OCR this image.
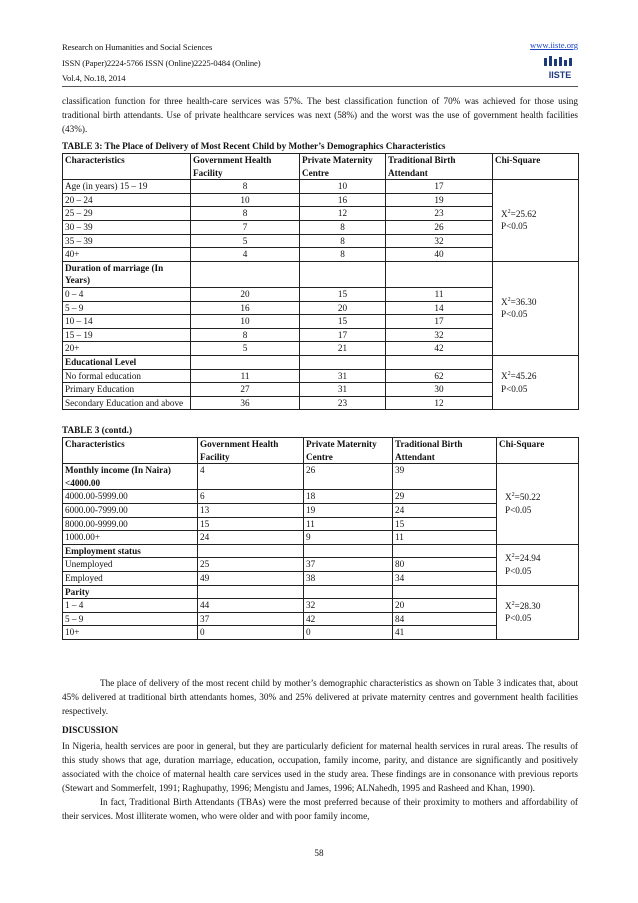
Research on Humanities and Social Sciences
ISSN (Paper)2224-5766 ISSN (Online)2225-0484 (Online)
Vol.4, No.18, 2014
www.iiste.org
IISTE

classification function for three health-care services was 57%. The best classification function of 70% was achieved for those using traditional birth attendants. Use of private healthcare services was next (58%) and the worst was the use of government health facilities (43%).

TABLE 3: The Place of Delivery of Most Recent Child by Mother’s Demographics Characteristics
Characteristics	Government Health Facility	Private Maternity Centre	Traditional Birth Attendant	Chi-Square
Age (in years) 15 – 19	8	10	17	$X^2=25.62$
P<0.05
20 – 24	10	16	19	
25 – 29	8	12	23	
30 – 39	7	8	26	
35 – 39	5	8	32	
40+	4	8	40	
Duration of marriage (In Years)				$X^2=36.30$
P<0.05
0 – 4	20	15	11	
5 – 9	16	20	14	
10 – 14	10	15	17	
15 – 19	8	17	32	
20+	5	21	42	
Educational Level				$X^2=45.26$
P<0.05
No formal education	11	31	62	
Primary Education	27	31	30	
Secondary Education and above	36	23	12	
TABLE 3 (contd.)
Characteristics	Government Health Facility	Private Maternity Centre	Traditional Birth Attendant	Chi-Square
Monthly income (In Naira) <4000.00	4	26	39	$X^2=50.22$
P<0.05
4000.00-5999.00	6	18	29	
6000.00-7999.00	13	19	24	
8000.00-9999.00	15	11	15	
1000.00+	24	9	11	
Employment status				$X^2=24.94$
P<0.05
Unemployed	25	37	80	
Employed	49	38	34	
Parity				$X^2=28.30$
P<0.05
1 – 4	44	32	20	
5 – 9	37	42	84	
10+	0	0	41	

The place of delivery of the most recent child by mother’s demographic characteristics as shown on Table 3 indicates that, about 45% delivered at traditional birth attendants homes, 30% and 25% delivered at private maternity centres and government health facilities respectively.

DISCUSSION

In Nigeria, health services are poor in general, but they are particularly deficient for maternal health services in rural areas. The results of this study shows that age, duration marriage, education, occupation, family income, parity, and distance are significantly and positively associated with the choice of maternal health care services used in the study area. These findings are in consonance with previous reports (Stewart and Sommerfelt, 1991; Raghupathy, 1996; Mengistu and James, 1996; ALNahedh, 1995 and Rasheed and Khan, 1990).

In fact, Traditional Birth Attendants (TBAs) were the most preferred because of their proximity to mothers and affordability of their services. Most illiterate women, who were older and with poor family income,

58
